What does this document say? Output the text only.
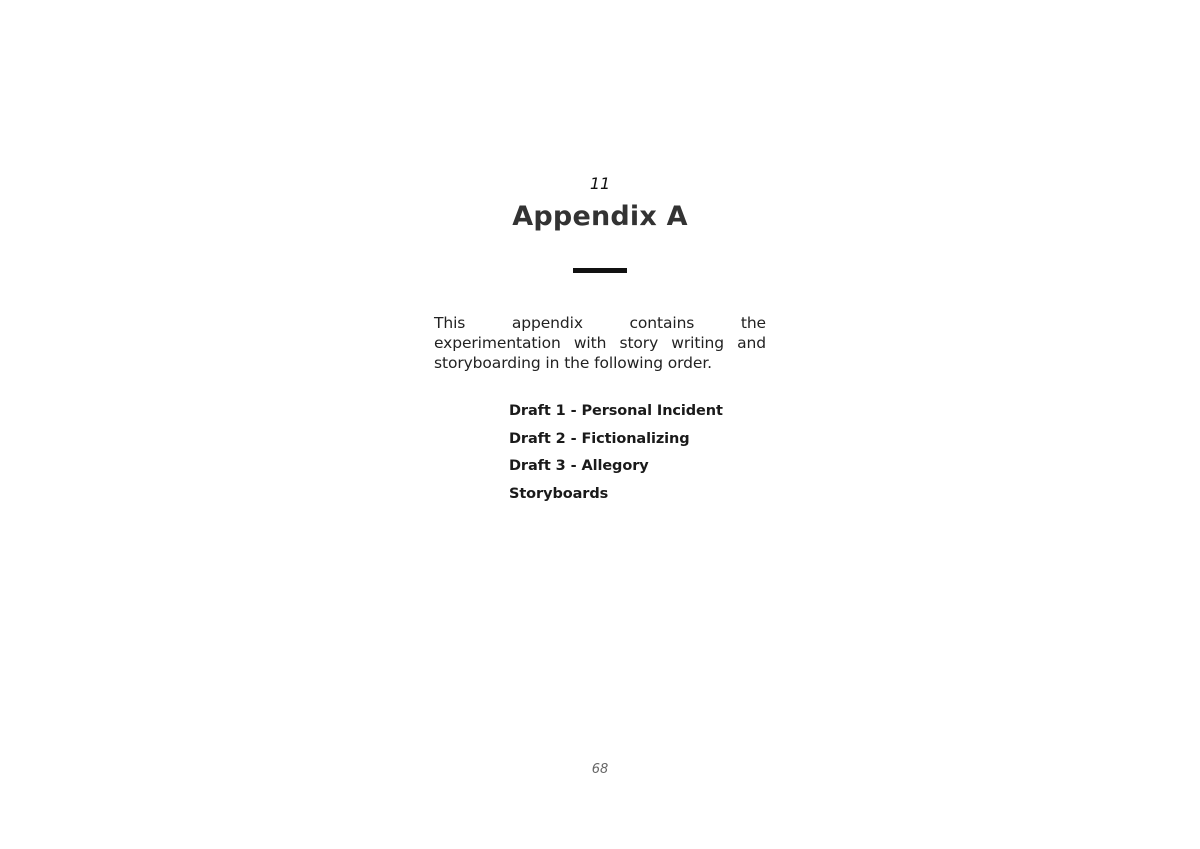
11
Appendix A

This appendix contains the experimentation with story writing and storyboarding in the following order.

Draft 1 - Personal Incident
Draft 2 - Fictionalizing
Draft 3 - Allegory
Storyboards
68
